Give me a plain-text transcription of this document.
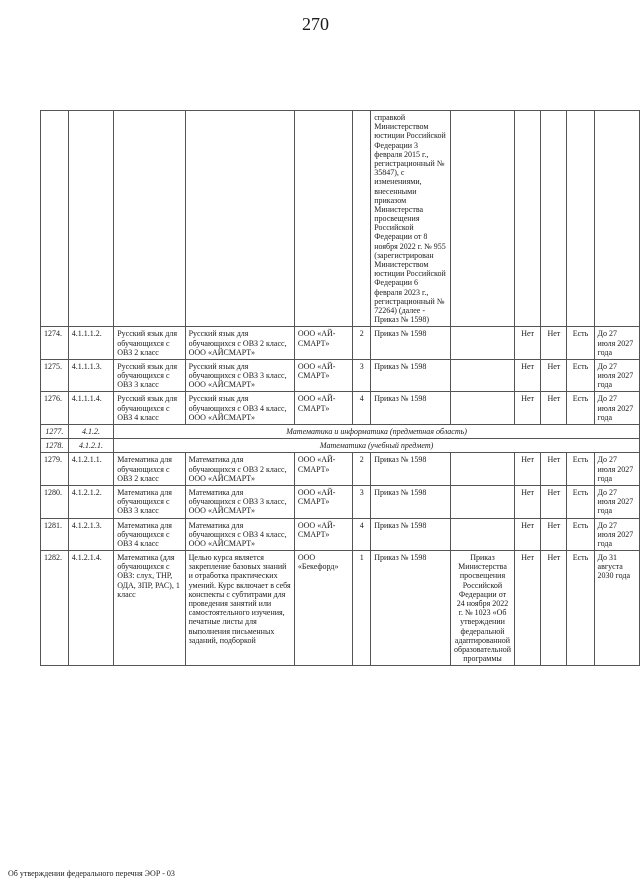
270
						справкой Министерством юстиции Российской Федерации 3 февраля 2015 г., регистрационный № 35847), с изменениями, внесенными приказом Министерства просвещения Российской Федерации от 8 ноября 2022 г. № 955 (зарегистрирован Министерством юстиции Российской Федерации 6 февраля 2023 г., регистрационный № 72264) (далее - Приказ № 1598)					
1274.	4.1.1.1.2.	Русский язык для обучающихся с ОВЗ 2 класс	Русский язык для обучающихся с ОВЗ 2 класс, ООО «АЙСМАРТ»	ООО «АЙ-СМАРТ»	2	Приказ № 1598		Нет	Нет	Есть	До 27 июля 2027 года
1275.	4.1.1.1.3.	Русский язык для обучающихся с ОВЗ 3 класс	Русский язык для обучающихся с ОВЗ 3 класс, ООО «АЙСМАРТ»	ООО «АЙ-СМАРТ»	3	Приказ № 1598		Нет	Нет	Есть	До 27 июля 2027 года
1276.	4.1.1.1.4.	Русский язык для обучающихся с ОВЗ 4 класс	Русский язык для обучающихся с ОВЗ 4 класс, ООО «АЙСМАРТ»	ООО «АЙ-СМАРТ»	4	Приказ № 1598		Нет	Нет	Есть	До 27 июля 2027 года
1277.	4.1.2.	Математика и информатика (предметная область)									
1278.	4.1.2.1.	Математика (учебный предмет)									
1279.	4.1.2.1.1.	Математика для обучающихся с ОВЗ 2 класс	Математика для обучающихся с ОВЗ 2 класс, ООО «АЙСМАРТ»	ООО «АЙ-СМАРТ»	2	Приказ № 1598		Нет	Нет	Есть	До 27 июля 2027 года
1280.	4.1.2.1.2.	Математика для обучающихся с ОВЗ 3 класс	Математика для обучающихся с ОВЗ 3 класс, ООО «АЙСМАРТ»	ООО «АЙ-СМАРТ»	3	Приказ № 1598		Нет	Нет	Есть	До 27 июля 2027 года
1281.	4.1.2.1.3.	Математика для обучающихся с ОВЗ 4 класс	Математика для обучающихся с ОВЗ 4 класс, ООО «АЙСМАРТ»	ООО «АЙ-СМАРТ»	4	Приказ № 1598		Нет	Нет	Есть	До 27 июля 2027 года
1282.	4.1.2.1.4.	Математика (для обучающихся с ОВЗ: слух, ТНР, ОДА, ЗПР, РАС), 1 класс	Целью курса является закрепление базовых знаний и отработка практических умений. Курс включает в себя конспекты с субтитрами для проведения занятий или самостоятельного изучения, печатные листы для выполнения письменных заданий, подборкой	ООО «Бекефорд»	1	Приказ № 1598	Приказ Министерства просвещения Российской Федерации от 24 ноября 2022 г. № 1023 «Об утверждении федеральной адаптированной образовательной программы	Нет	Нет	Есть	До 31 августа 2030 года
Об утверждении федерального перечня ЭОР - 03
